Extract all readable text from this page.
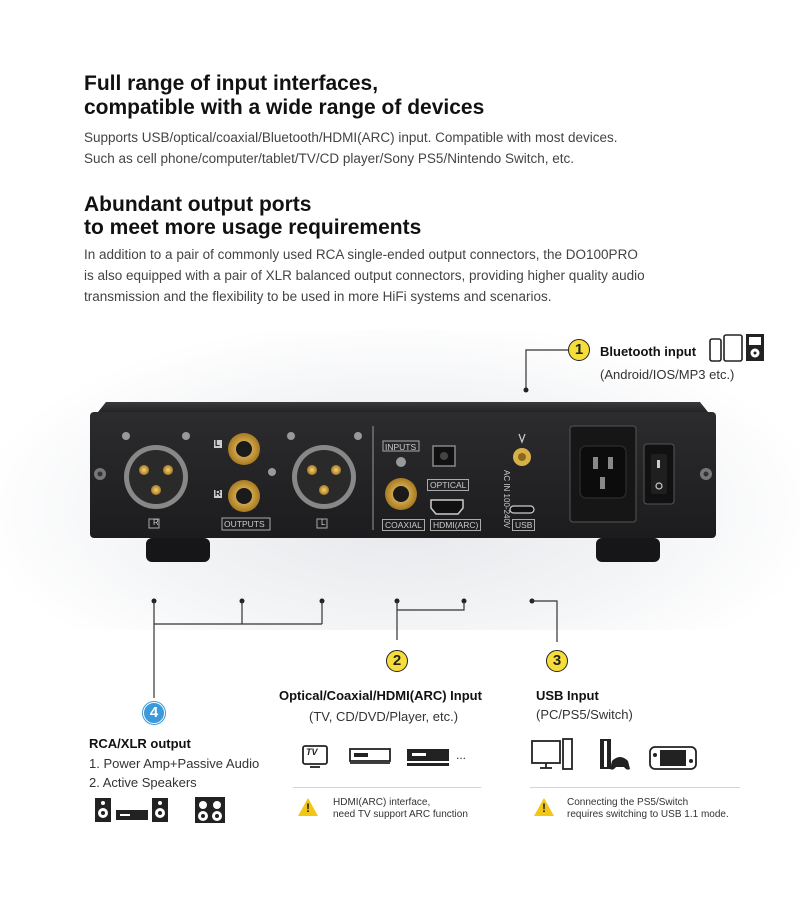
Full range of input interfaces,
compatible with a wide range of devices
Supports USB/optical/coaxial/Bluetooth/HDMI(ARC) input. Compatible with most devices.
Such as cell phone/computer/tablet/TV/CD player/Sony PS5/Nintendo Switch, etc.
Abundant output ports
to meet more usage requirements
In addition to a pair of commonly used RCA single-ended output connectors, the DO100PRO
is also equipped with a pair of XLR balanced output connectors, providing higher quality audio
transmission and the flexibility to be used in more HiFi systems and scenarios.
1	Bluetooth input
(Android/IOS/MP3 etc.)
R
L
R
OUTPUTS	L
INPUTS
OPTICAL
COAXIAL	HDMI(ARC)	USB
AC IN 100-240V
2
Optical/Coaxial/HDMI(ARC) Input
(TV, CD/DVD/Player, etc.)
TV	...
!
HDMI(ARC) interface,
need TV support ARC function
3
USB Input
(PC/PS5/Switch)
!
Connecting the PS5/Switch
requires switching to USB 1.1 mode.
4
RCA/XLR output
1. Power Amp+Passive Audio
2. Active Speakers
